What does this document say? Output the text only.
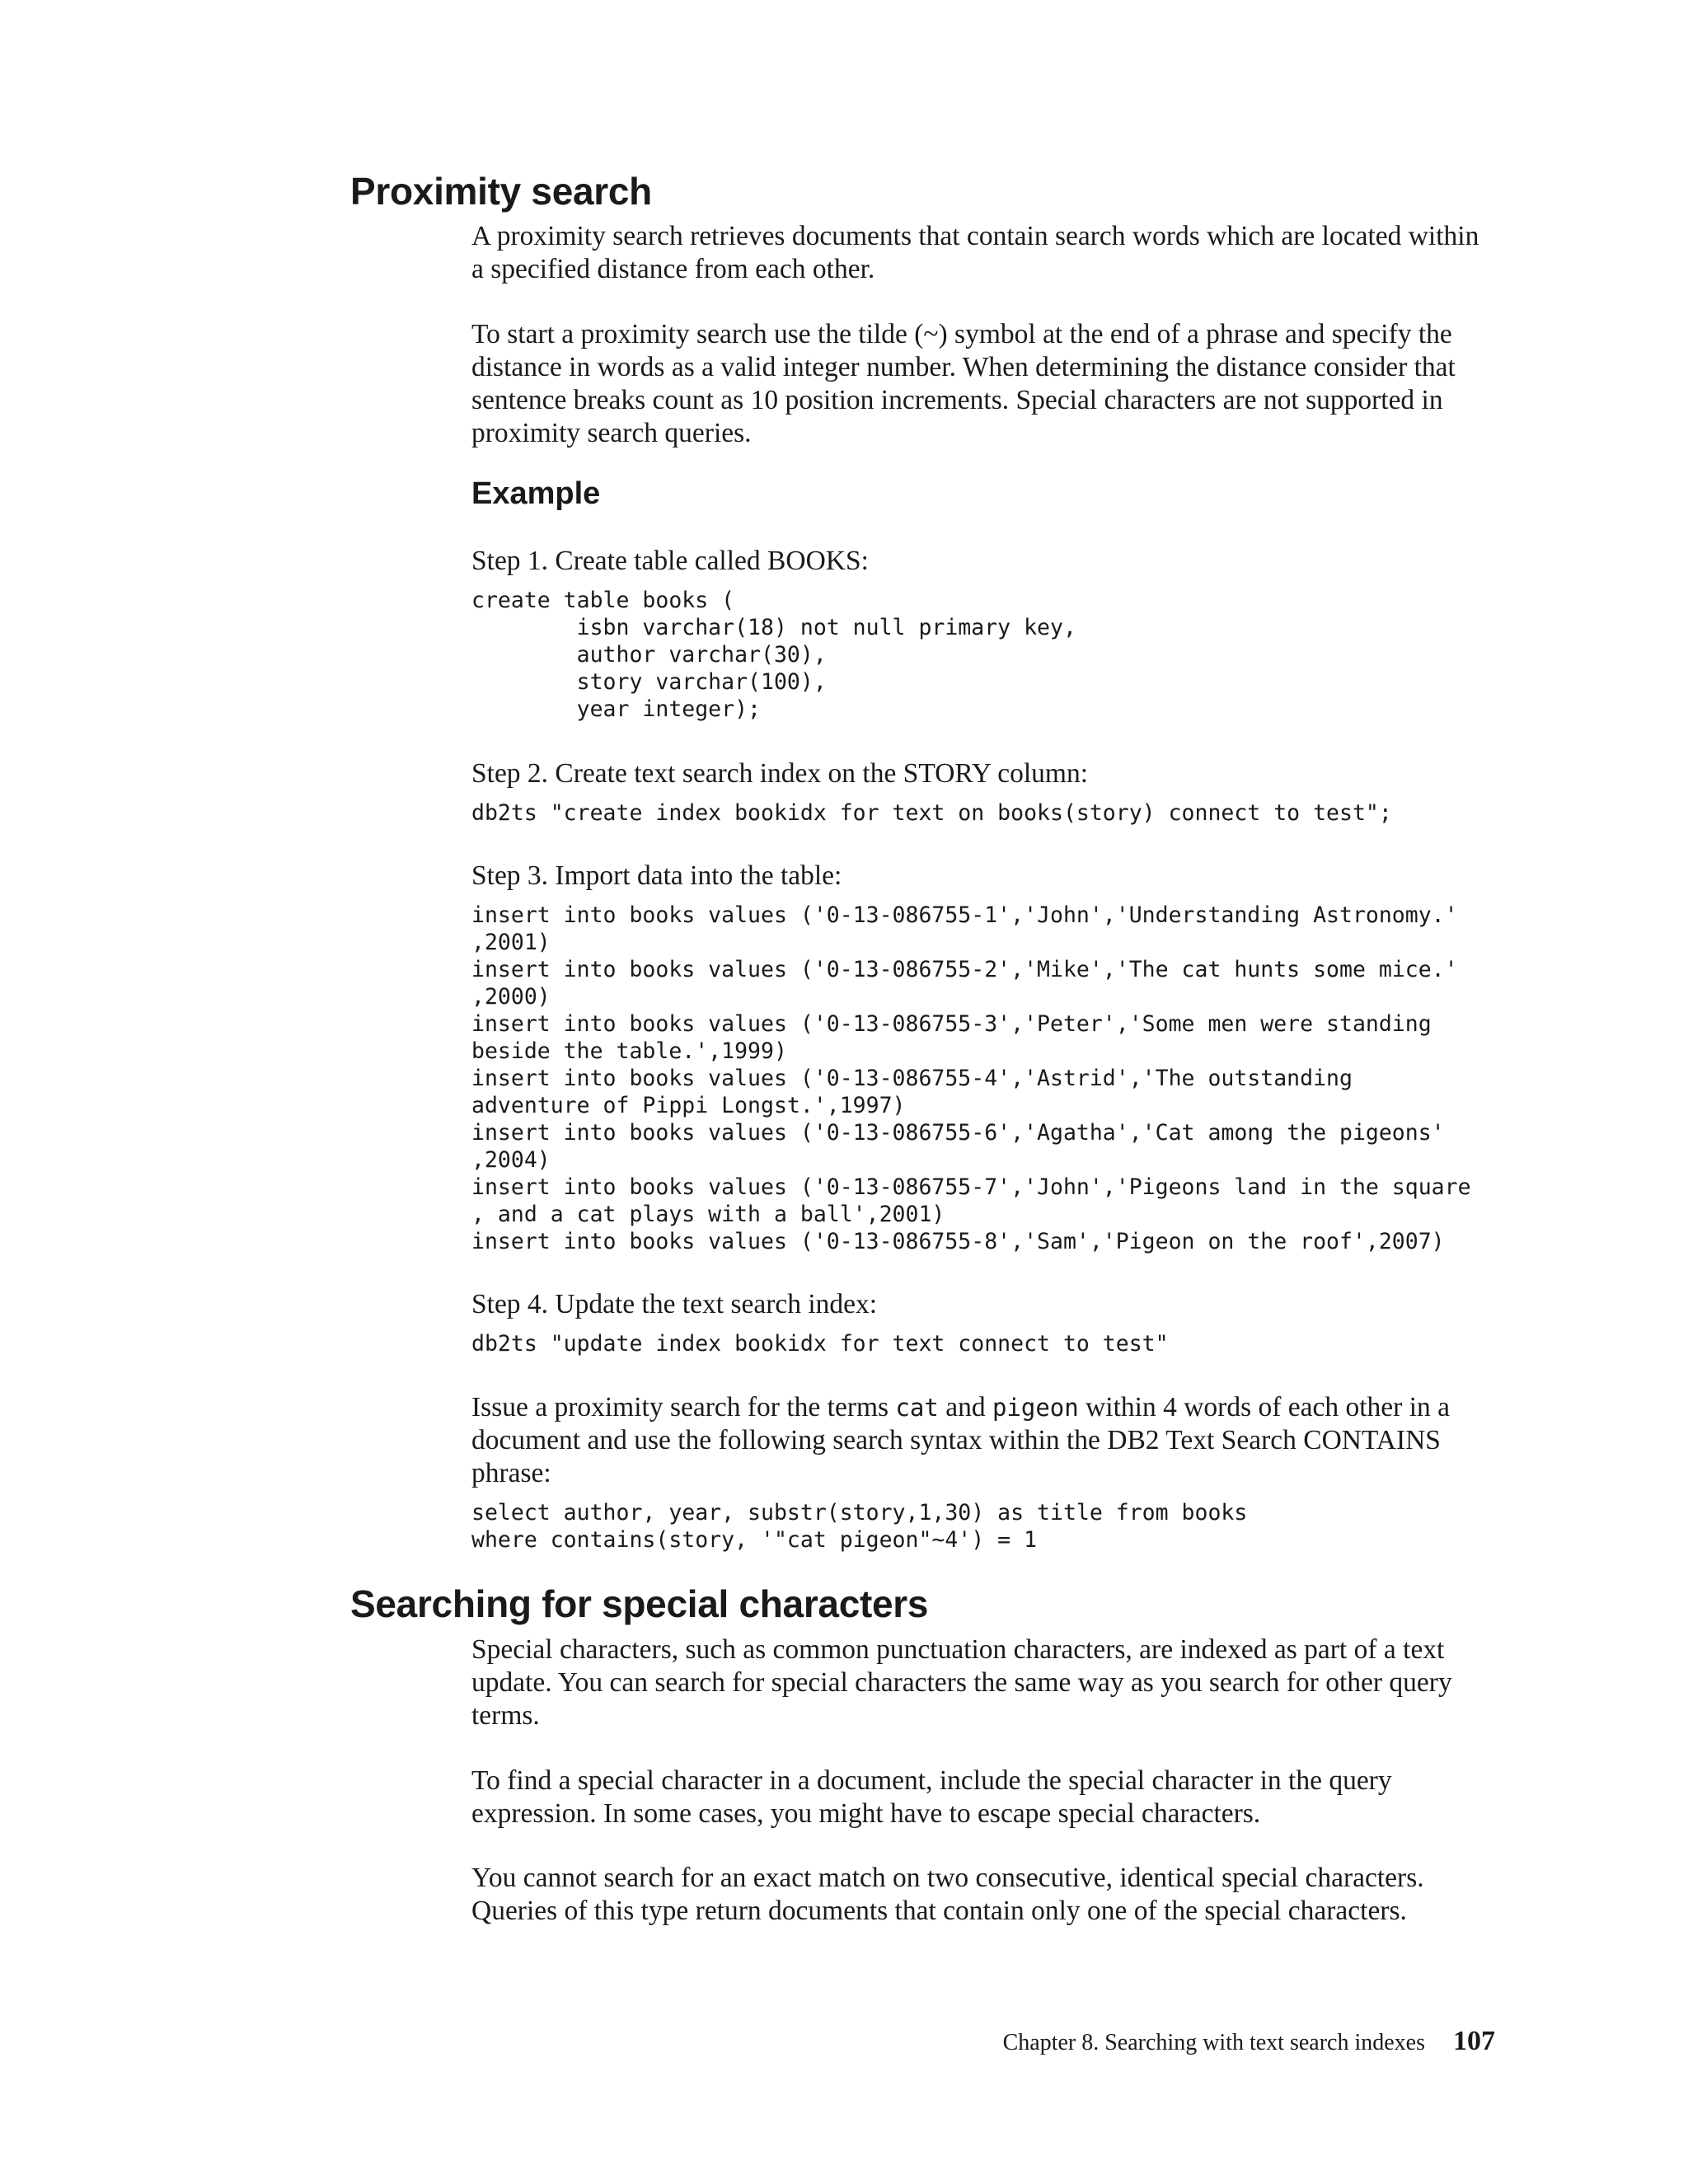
Proximity search

A proximity search retrieves documents that contain search words which are located within a specified distance from each other.

To start a proximity search use the tilde (~) symbol at the end of a phrase and specify the distance in words as a valid integer number. When determining the distance consider that sentence breaks count as 10 position increments. Special characters are not supported in proximity search queries.

Example

Step 1. Create table called BOOKS:

create table books (
isbn varchar(18) not null primary key,
author varchar(30),
story varchar(100),
year integer);

Step 2. Create text search index on the STORY column:

db2ts "create index bookidx for text on books(story) connect to test";

Step 3. Import data into the table:

insert into books values ('0-13-086755-1','John','Understanding Astronomy.'
,2001)
insert into books values ('0-13-086755-2','Mike','The cat hunts some mice.'
,2000)
insert into books values ('0-13-086755-3','Peter','Some men were standing
beside the table.',1999)
insert into books values ('0-13-086755-4','Astrid','The outstanding
adventure of Pippi Longst.',1997)
insert into books values ('0-13-086755-6','Agatha','Cat among the pigeons'
,2004)
insert into books values ('0-13-086755-7','John','Pigeons land in the square
, and a cat plays with a ball',2001)
insert into books values ('0-13-086755-8','Sam','Pigeon on the roof',2007)

Step 4. Update the text search index:

db2ts "update index bookidx for text connect to test"

Issue a proximity search for the terms cat and pigeon within 4 words of each other in a document and use the following search syntax within the DB2 Text Search CONTAINS phrase:

select author, year, substr(story,1,30) as title from books
where contains(story, '"cat pigeon"~4') = 1
Searching for special characters

Special characters, such as common punctuation characters, are indexed as part of a text update. You can search for special characters the same way as you search for other query terms.

To find a special character in a document, include the special character in the query expression. In some cases, you might have to escape special characters.

You cannot search for an exact match on two consecutive, identical special characters. Queries of this type return documents that contain only one of the special characters.

Chapter 8. Searching with text search indexes 107
